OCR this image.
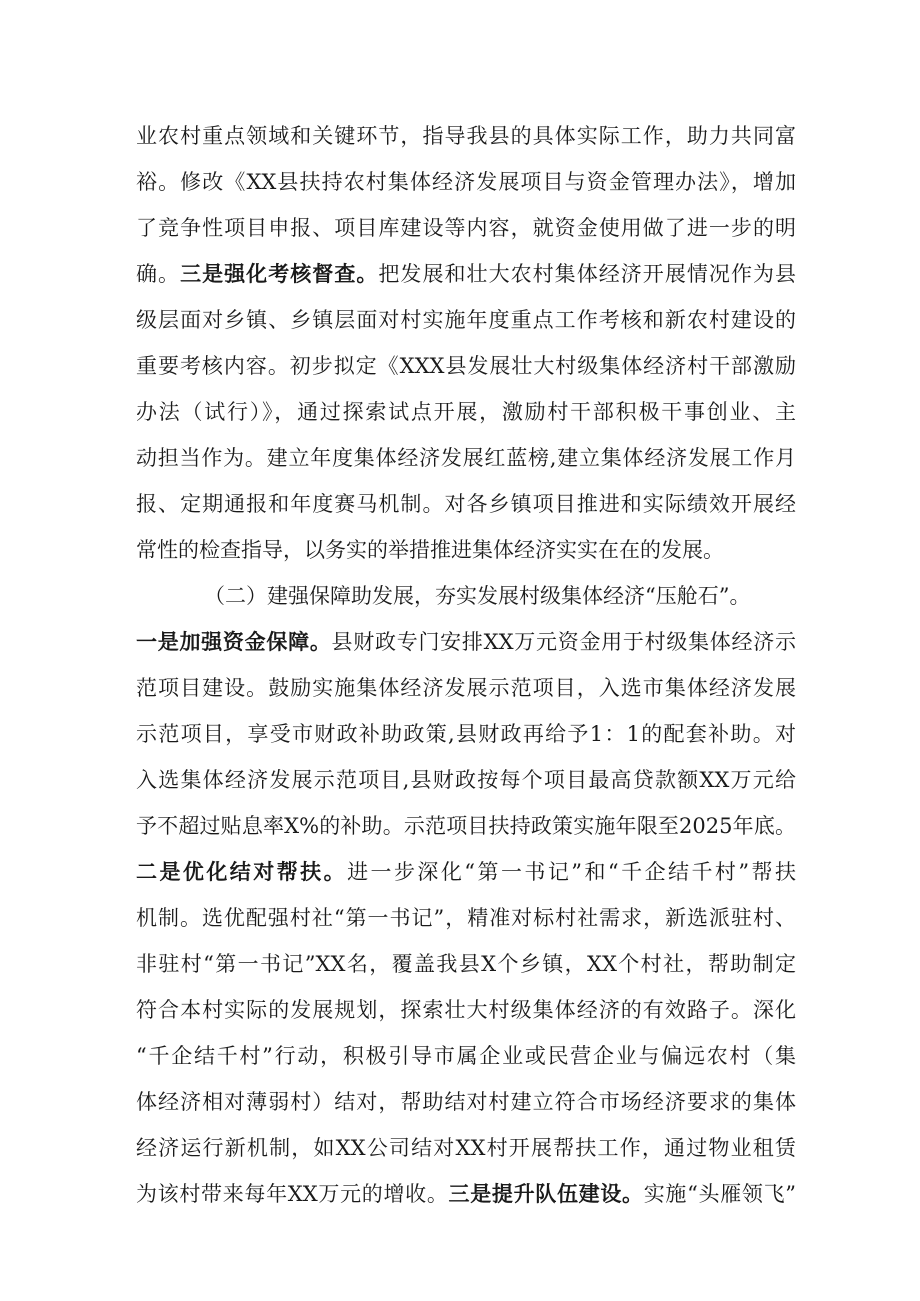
业农村重点领域和关键环节，指导我县的具体实际工作，助力共同富
裕。修改《XX县扶持农村集体经济发展项目与资金管理办法》，增加
了竞争性项目申报、项目库建设等内容，就资金使用做了进一步的明
确。三是强化考核督查。把发展和壮大农村集体经济开展情况作为县
级层面对乡镇、乡镇层面对村实施年度重点工作考核和新农村建设的
重要考核内容。初步拟定《XXX县发展壮大村级集体经济村干部激励
办法（试行）》，通过探索试点开展，激励村干部积极干事创业、主
动担当作为。建立年度集体经济发展红蓝榜,建立集体经济发展工作月
报、定期通报和年度赛马机制。对各乡镇项目推进和实际绩效开展经
常性的检查指导，以务实的举措推进集体经济实实在在的发展。
（二）建强保障助发展，夯实发展村级集体经济“压舱石”。
一是加强资金保障。县财政专门安排XX万元资金用于村级集体经济示
范项目建设。鼓励实施集体经济发展示范项目，入选市集体经济发展
示范项目，享受市财政补助政策,县财政再给予1：1的配套补助。对
入选集体经济发展示范项目,县财政按每个项目最高贷款额XX万元给
予不超过贴息率X%的补助。示范项目扶持政策实施年限至2025年底。
二是优化结对帮扶。进一步深化“第一书记”和“千企结千村”帮扶
机制。选优配强村社“第一书记”，精准对标村社需求，新选派驻村、
非驻村“第一书记”XX名，覆盖我县X个乡镇，XX个村社，帮助制定
符合本村实际的发展规划，探索壮大村级集体经济的有效路子。深化
“千企结千村”行动，积极引导市属企业或民营企业与偏远农村（集
体经济相对薄弱村）结对，帮助结对村建立符合市场经济要求的集体
经济运行新机制，如XX公司结对XX村开展帮扶工作，通过物业租赁
为该村带来每年XX万元的增收。三是提升队伍建设。实施“头雁领飞”
